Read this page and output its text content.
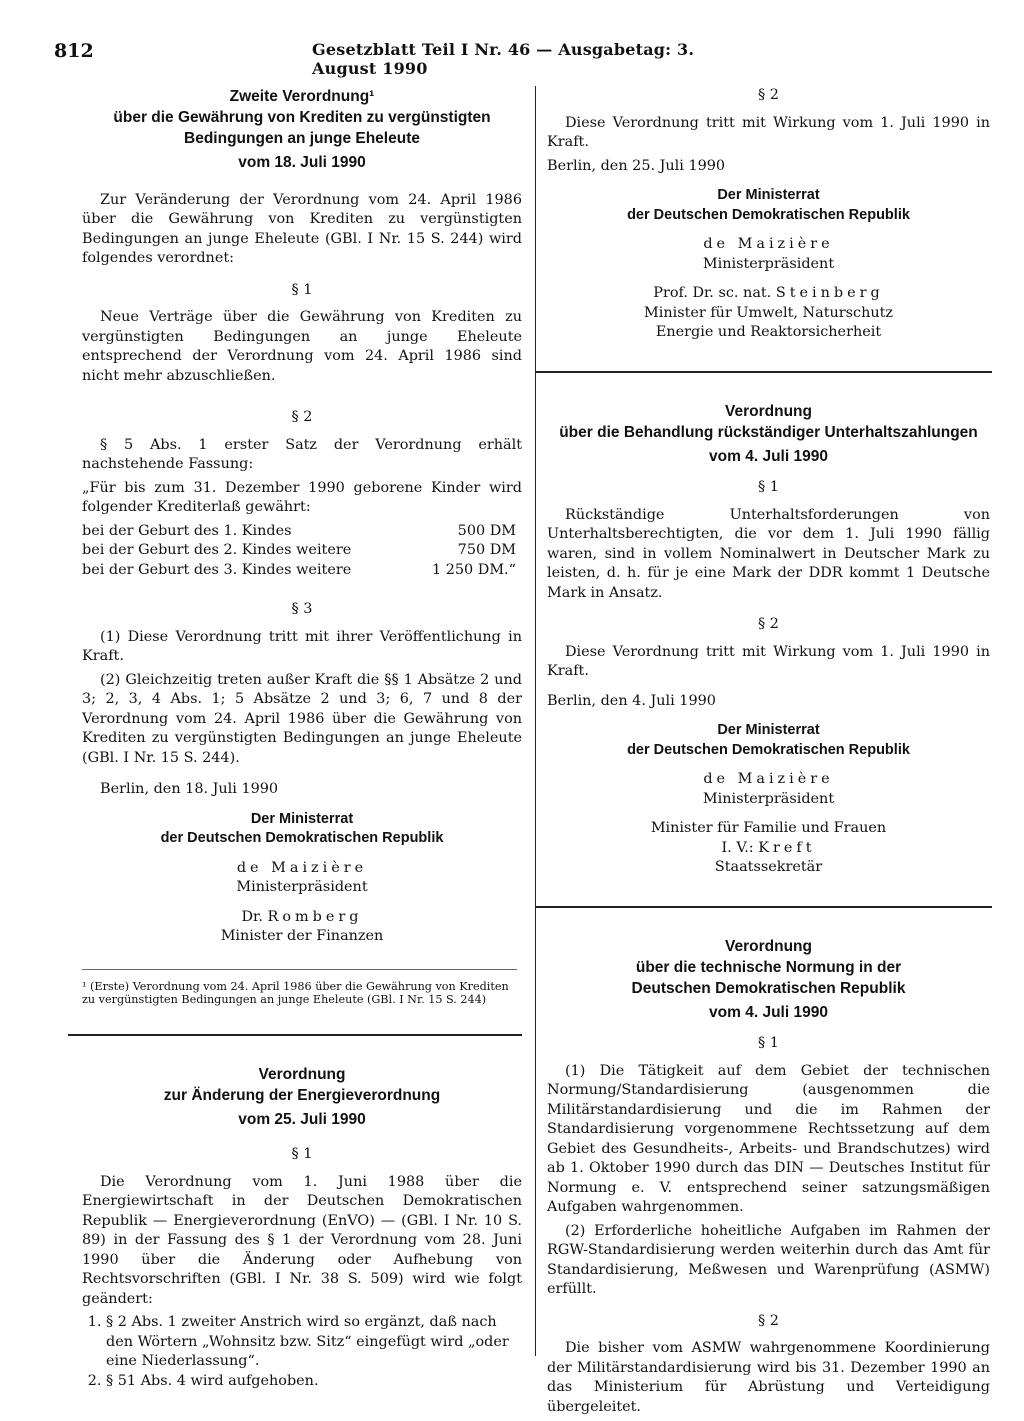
812	Gesetzblatt Teil I Nr. 46 — Ausgabetag: 3. August 1990
Zweite Verordnung¹
über die Gewährung von Krediten zu vergünstigten
Bedingungen an junge Eheleute
vom 18. Juli 1990

Zur Veränderung der Verordnung vom 24. April 1986 über die Gewährung von Krediten zu vergünstigten Bedingungen an junge Eheleute (GBl. I Nr. 15 S. 244) wird folgendes verordnet:

§ 1

Neue Verträge über die Gewährung von Krediten zu vergünstigten Bedingungen an junge Eheleute entsprechend der Verordnung vom 24. April 1986 sind nicht mehr abzuschließen.

§ 2

§ 5 Abs. 1 erster Satz der Verordnung erhält nachstehende Fassung:

„Für bis zum 31. Dezember 1990 geborene Kinder wird folgender Krediterlaß gewährt:

bei der Geburt des 1. Kindes	500 DM
bei der Geburt des 2. Kindes weitere	750 DM
bei der Geburt des 3. Kindes weitere	1 250 DM.“
§ 3

(1) Diese Verordnung tritt mit ihrer Veröffentlichung in Kraft.

(2) Gleichzeitig treten außer Kraft die §§ 1 Absätze 2 und 3; 2, 3, 4 Abs. 1; 5 Absätze 2 und 3; 6, 7 und 8 der Verordnung vom 24. April 1986 über die Gewährung von Krediten zu vergünstigten Bedingungen an junge Eheleute (GBl. I Nr. 15 S. 244).

Berlin, den 18. Juli 1990
Der Ministerrat
der Deutschen Demokratischen Republik
de Maizière
Ministerpräsident
Dr. Romberg
Minister der Finanzen
¹ (Erste) Verordnung vom 24. April 1986 über die Gewährung von Krediten zu vergünstigten Bedingungen an junge Eheleute (GBl. I Nr. 15 S. 244)
Verordnung
zur Änderung der Energieverordnung
vom 25. Juli 1990
§ 1

Die Verordnung vom 1. Juni 1988 über die Energiewirtschaft in der Deutschen Demokratischen Republik — Energieverordnung (EnVO) — (GBl. I Nr. 10 S. 89) in der Fassung des § 1 der Verordnung vom 28. Juni 1990 über die Änderung oder Aufhebung von Rechtsvorschriften (GBl. I Nr. 38 S. 509) wird wie folgt geändert:

1. § 2 Abs. 1 zweiter Anstrich wird so ergänzt, daß nach den Wörtern „Wohnsitz bzw. Sitz“ eingefügt wird „oder eine Niederlassung“.
2. § 51 Abs. 4 wird aufgehoben.
§ 2

Diese Verordnung tritt mit Wirkung vom 1. Juli 1990 in Kraft.

Berlin, den 25. Juli 1990
Der Ministerrat
der Deutschen Demokratischen Republik
de Maizière
Ministerpräsident
Prof. Dr. sc. nat. Steinberg
Minister für Umwelt, Naturschutz
Energie und Reaktorsicherheit
Verordnung
über die Behandlung rückständiger Unterhaltszahlungen
vom 4. Juli 1990
§ 1

Rückständige Unterhaltsforderungen von Unterhaltsberechtigten, die vor dem 1. Juli 1990 fällig waren, sind in vollem Nominalwert in Deutscher Mark zu leisten, d. h. für je eine Mark der DDR kommt 1 Deutsche Mark in Ansatz.

§ 2

Diese Verordnung tritt mit Wirkung vom 1. Juli 1990 in Kraft.

Berlin, den 4. Juli 1990
Der Ministerrat
der Deutschen Demokratischen Republik
de Maizière
Ministerpräsident
Minister für Familie und Frauen
I. V.: Kreft
Staatssekretär
Verordnung
über die technische Normung in der
Deutschen Demokratischen Republik
vom 4. Juli 1990
§ 1

(1) Die Tätigkeit auf dem Gebiet der technischen Normung/Standardisierung (ausgenommen die Militärstandardisierung und die im Rahmen der Standardisierung vorgenommene Rechtssetzung auf dem Gebiet des Gesundheits-, Arbeits- und Brandschutzes) wird ab 1. Oktober 1990 durch das DIN — Deutsches Institut für Normung e. V. entsprechend seiner satzungsmäßigen Aufgaben wahrgenommen.

(2) Erforderliche hoheitliche Aufgaben im Rahmen der RGW-Standardisierung werden weiterhin durch das Amt für Standardisierung, Meßwesen und Warenprüfung (ASMW) erfüllt.

§ 2

Die bisher vom ASMW wahrgenommene Koordinierung der Militärstandardisierung wird bis 31. Dezember 1990 an das Ministerium für Abrüstung und Verteidigung übergeleitet.
